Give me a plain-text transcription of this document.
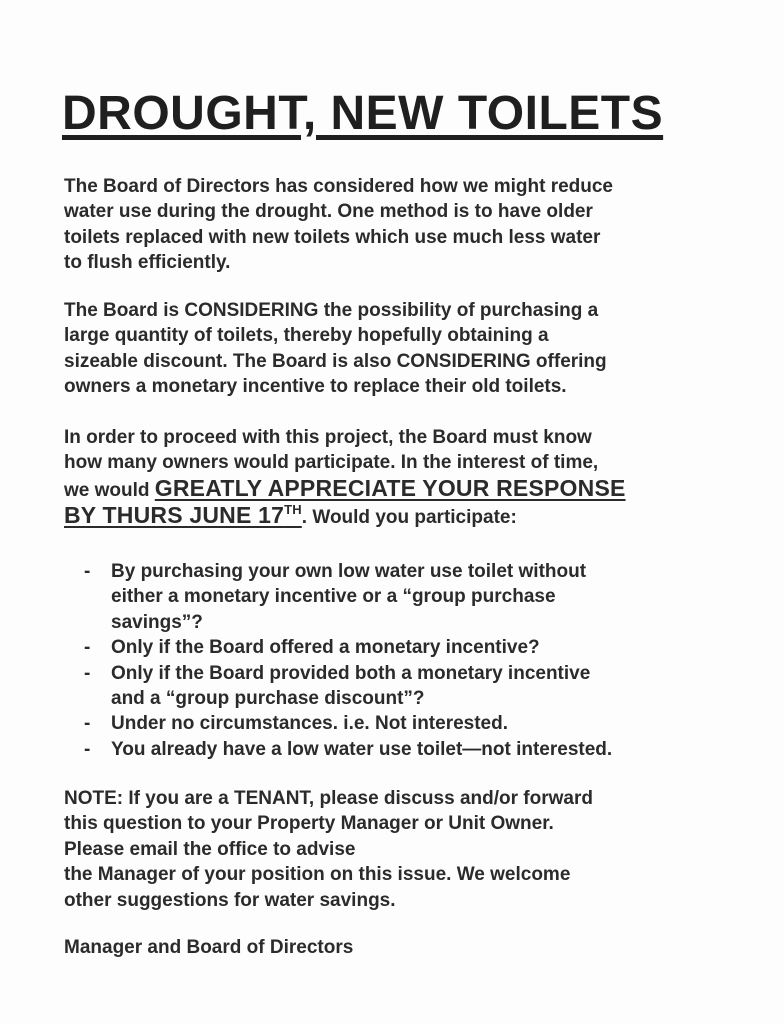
DROUGHT, NEW TOILETS

The Board of Directors has considered how we might reduce
water use during the drought. One method is to have older
toilets replaced with new toilets which use much less water
to flush efficiently.

The Board is CONSIDERING the possibility of purchasing a
large quantity of toilets, thereby hopefully obtaining a
sizeable discount. The Board is also CONSIDERING offering
owners a monetary incentive to replace their old toilets.

In order to proceed with this project, the Board must know
how many owners would participate. In the interest of time,
we would GREATLY APPRECIATE YOUR RESPONSE
BY THURS JUNE 17TH. Would you participate:

- By purchasing your own low water use toilet without
either a monetary incentive or a “group purchase
savings”?
- Only if the Board offered a monetary incentive?
- Only if the Board provided both a monetary incentive
and a “group purchase discount”?
- Under no circumstances. i.e. Not interested.
- You already have a low water use toilet—not interested.

NOTE: If you are a TENANT, please discuss and/or forward
this question to your Property Manager or Unit Owner.
Please email the office to advise
the Manager of your position on this issue. We welcome
other suggestions for water savings.

Manager and Board of Directors
